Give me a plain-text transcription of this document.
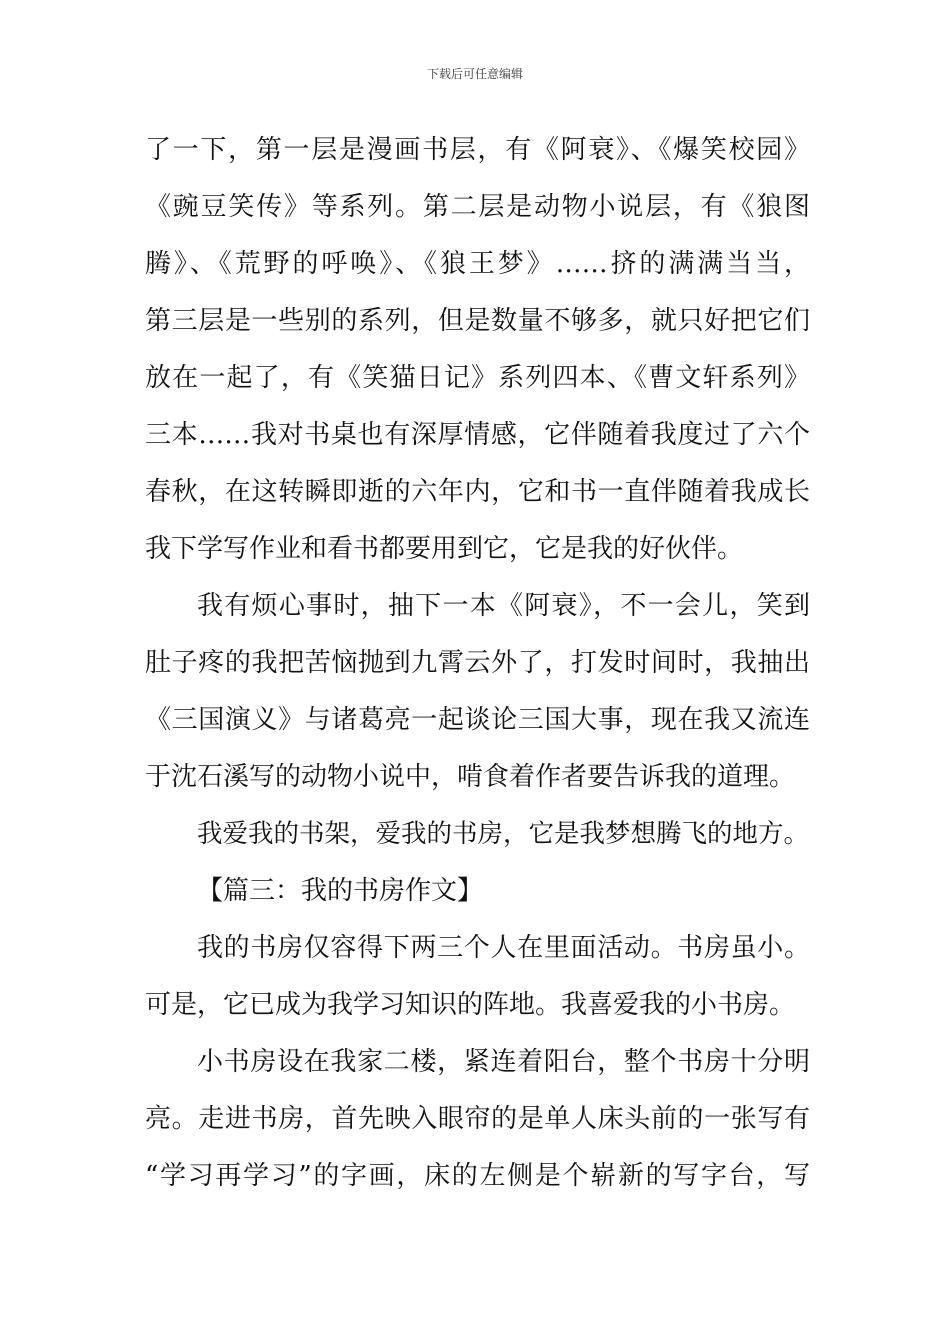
下载后可任意编辑
了一下，第一层是漫画书层，有《阿衰》、《爆笑校园》
《豌豆笑传》等系列。第二层是动物小说层，有《狼图
腾》、《荒野的呼唤》、《狼王梦》……挤的满满当当，
第三层是一些别的系列，但是数量不够多，就只好把它们
放在一起了，有《笑猫日记》系列四本、《曹文轩系列》
三本……我对书桌也有深厚情感，它伴随着我度过了六个
春秋，在这转瞬即逝的六年内，它和书一直伴随着我成长
我下学写作业和看书都要用到它，它是我的好伙伴。
我有烦心事时，抽下一本《阿衰》，不一会儿，笑到
肚子疼的我把苦恼抛到九霄云外了，打发时间时，我抽出
《三国演义》与诸葛亮一起谈论三国大事，现在我又流连
于沈石溪写的动物小说中，啃食着作者要告诉我的道理。
我爱我的书架，爱我的书房，它是我梦想腾飞的地方。
【篇三：我的书房作文】
我的书房仅容得下两三个人在里面活动。书房虽小。
可是，它已成为我学习知识的阵地。我喜爱我的小书房。
小书房设在我家二楼，紧连着阳台，整个书房十分明
亮。走进书房，首先映入眼帘的是单人床头前的一张写有
“学习再学习”的字画，床的左侧是个崭新的写字台，写
